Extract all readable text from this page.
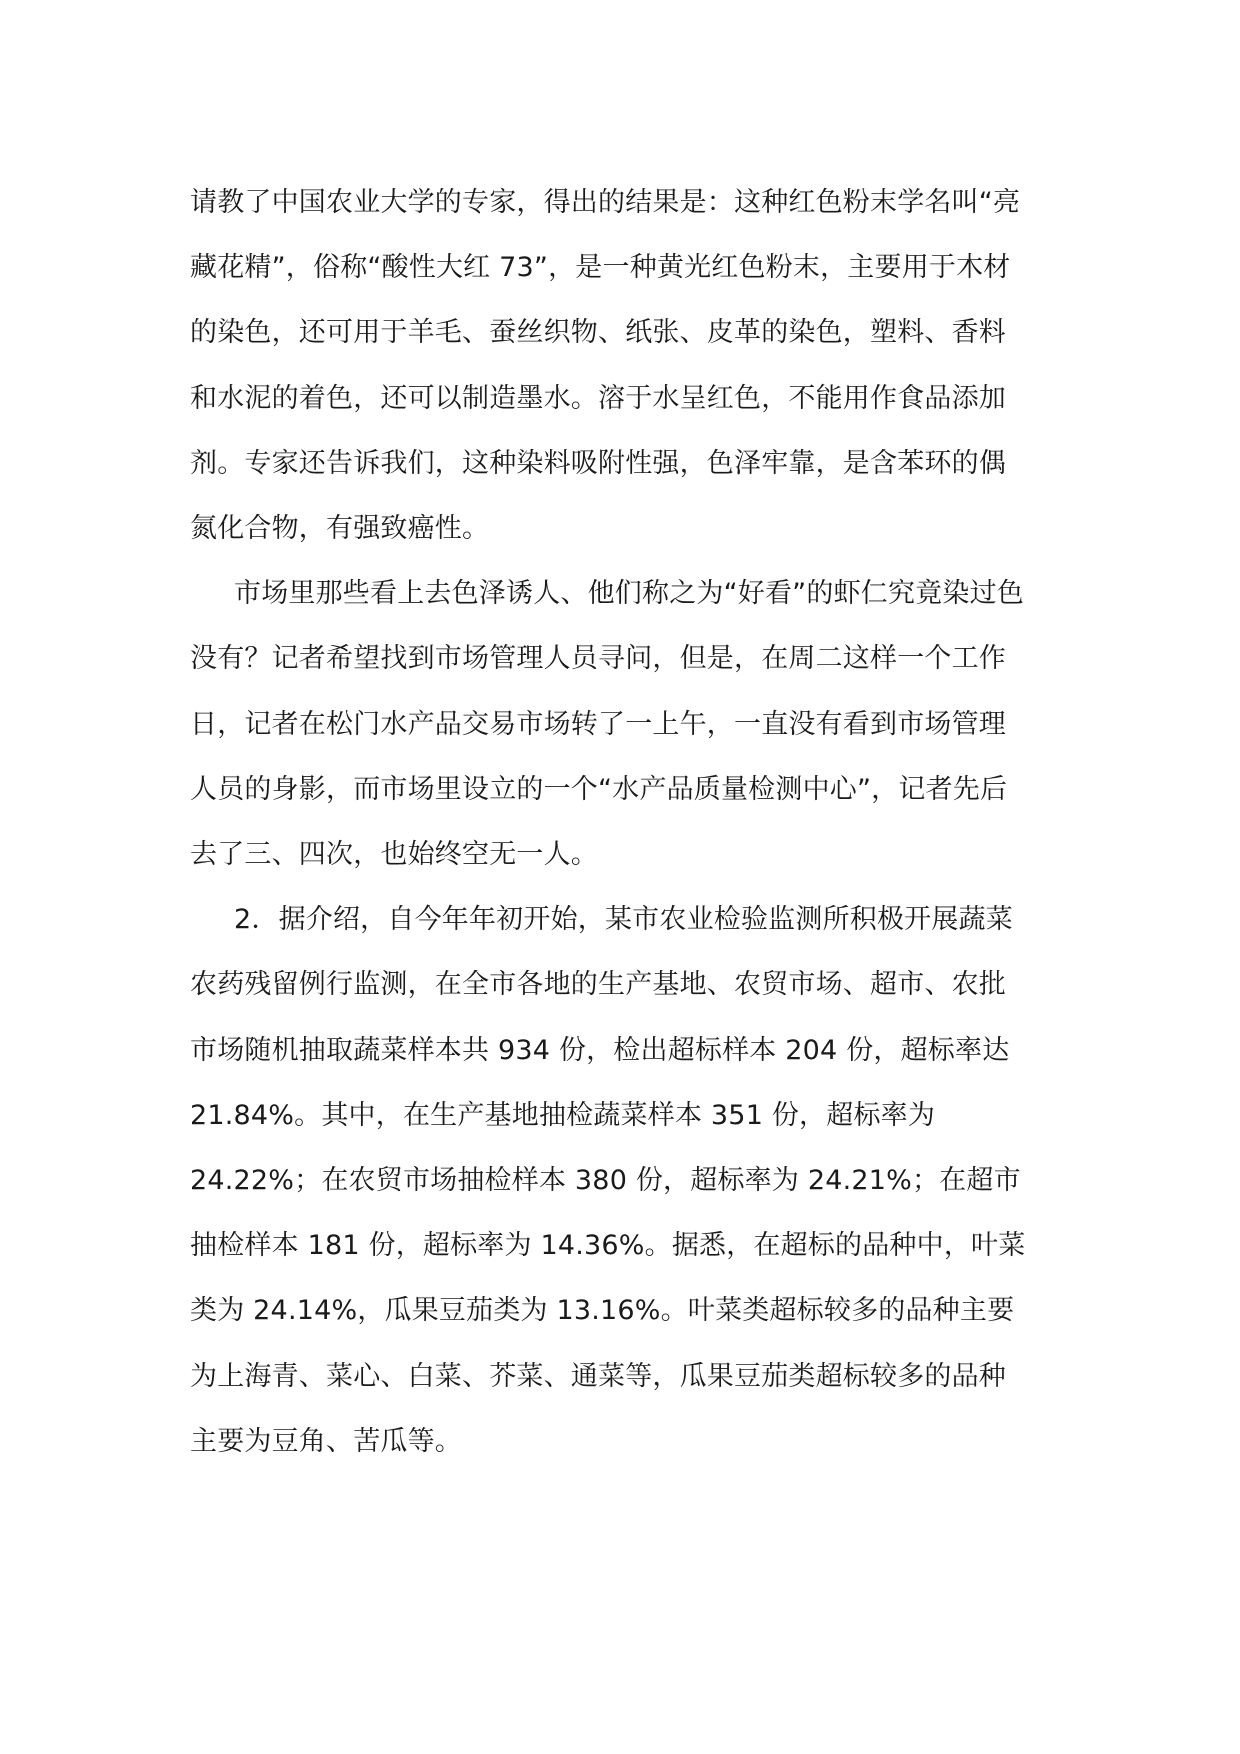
请教了中国农业大学的专家，得出的结果是：这种红色粉末学名叫“亮
藏花精”，俗称“酸性大红 73”，是一种黄光红色粉末，主要用于木材
的染色，还可用于羊毛、蚕丝织物、纸张、皮革的染色，塑料、香料
和水泥的着色，还可以制造墨水。溶于水呈红色，不能用作食品添加
剂。专家还告诉我们，这种染料吸附性强，色泽牢靠，是含苯环的偶
氮化合物，有强致癌性。

市场里那些看上去色泽诱人、他们称之为“好看”的虾仁究竟染过色
没有？记者希望找到市场管理人员寻问，但是，在周二这样一个工作
日，记者在松门水产品交易市场转了一上午，一直没有看到市场管理
人员的身影，而市场里设立的一个“水产品质量检测中心”，记者先后
去了三、四次，也始终空无一人。

2．据介绍，自今年年初开始，某市农业检验监测所积极开展蔬菜
农药残留例行监测，在全市各地的生产基地、农贸市场、超市、农批
市场随机抽取蔬菜样本共 934 份，检出超标样本 204 份，超标率达
21.84%。其中，在生产基地抽检蔬菜样本 351 份，超标率为
24.22%；在农贸市场抽检样本 380 份，超标率为 24.21%；在超市
抽检样本 181 份，超标率为 14.36%。据悉，在超标的品种中，叶菜
类为 24.14%，瓜果豆茄类为 13.16%。叶菜类超标较多的品种主要
为上海青、菜心、白菜、芥菜、通菜等，瓜果豆茄类超标较多的品种
主要为豆角、苦瓜等。
